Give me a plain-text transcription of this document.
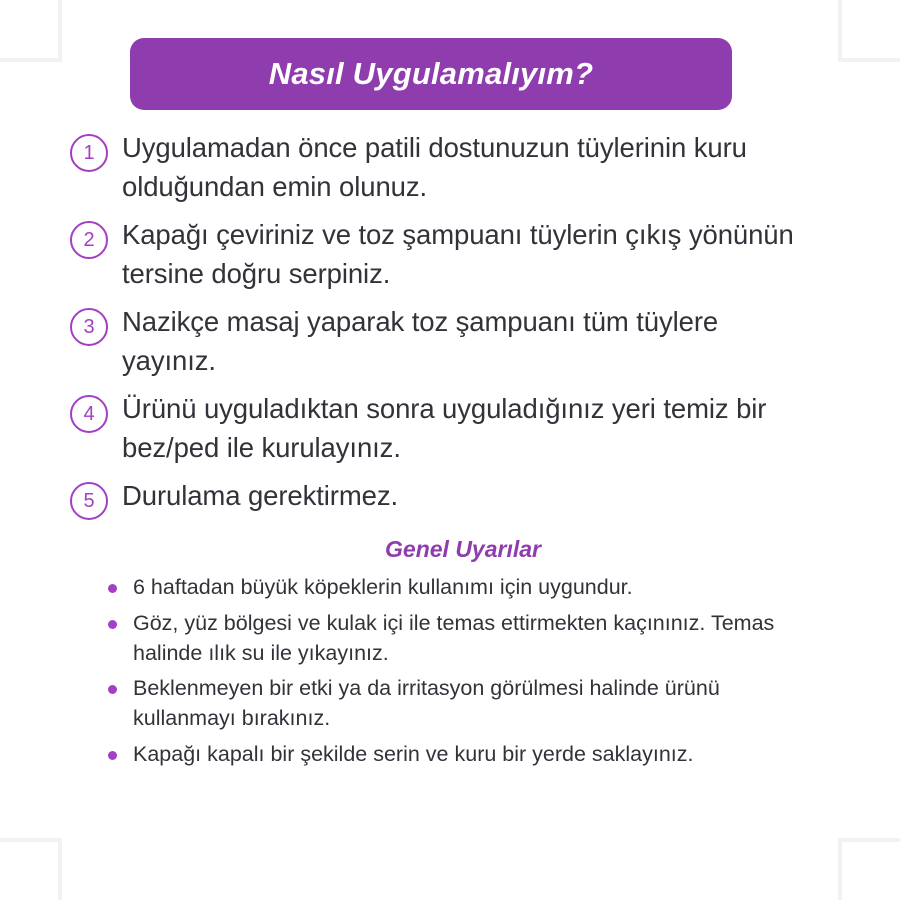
Nasıl Uygulamalıyım?
1 Uygulamadan önce patili dostunuzun tüylerinin kuru olduğundan emin olunuz.
2 Kapağı çeviriniz ve toz şampuanı tüylerin çıkış yönünün tersine doğru serpiniz.
3 Nazikçe masaj yaparak toz şampuanı tüm tüylere yayınız.
4 Ürünü uyguladıktan sonra uyguladığınız yeri temiz bir bez/ped ile kurulayınız.
5 Durulama gerektirmez.
Genel Uyarılar
6 haftadan büyük köpeklerin kullanımı için uygundur.
Göz, yüz bölgesi ve kulak içi ile temas ettirmekten kaçınınız. Temas halinde ılık su ile yıkayınız.
Beklenmeyen bir etki ya da irritasyon görülmesi halinde ürünü kullanmayı bırakınız.
Kapağı kapalı bir şekilde serin ve kuru bir yerde saklayınız.
